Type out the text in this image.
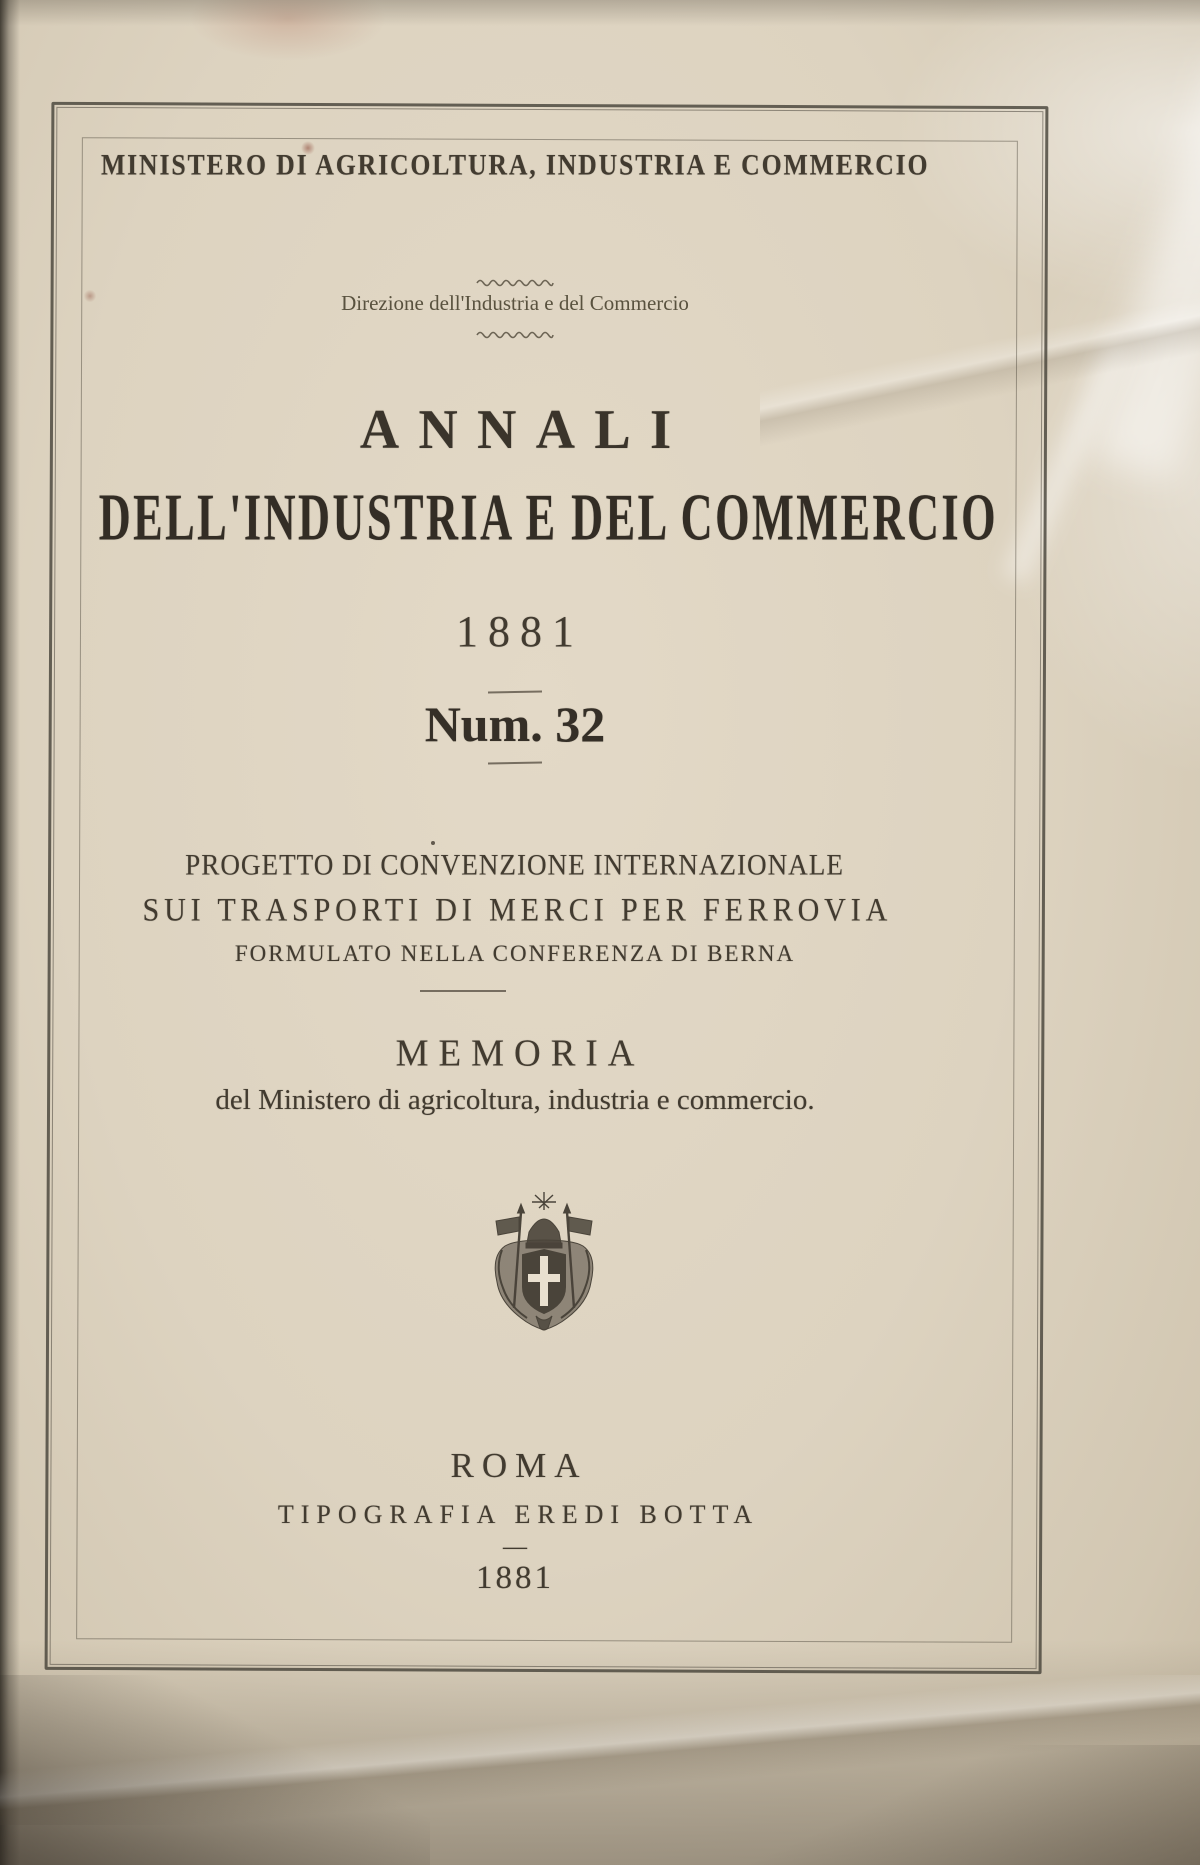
MINISTERO DI AGRICOLTURA, INDUSTRIA E COMMERCIO
Direzione dell'Industria e del Commercio
ANNALI
DELL'INDUSTRIA E DEL COMMERCIO
1881
Num. 32
PROGETTO DI CONVENZIONE INTERNAZIONALE
SUI TRASPORTI DI MERCI PER FERROVIA
FORMULATO NELLA CONFERENZA DI BERNA
MEMORIA
del Ministero di agricoltura, industria e commercio.
ROMA
TIPOGRAFIA EREDI BOTTA
—
1881
